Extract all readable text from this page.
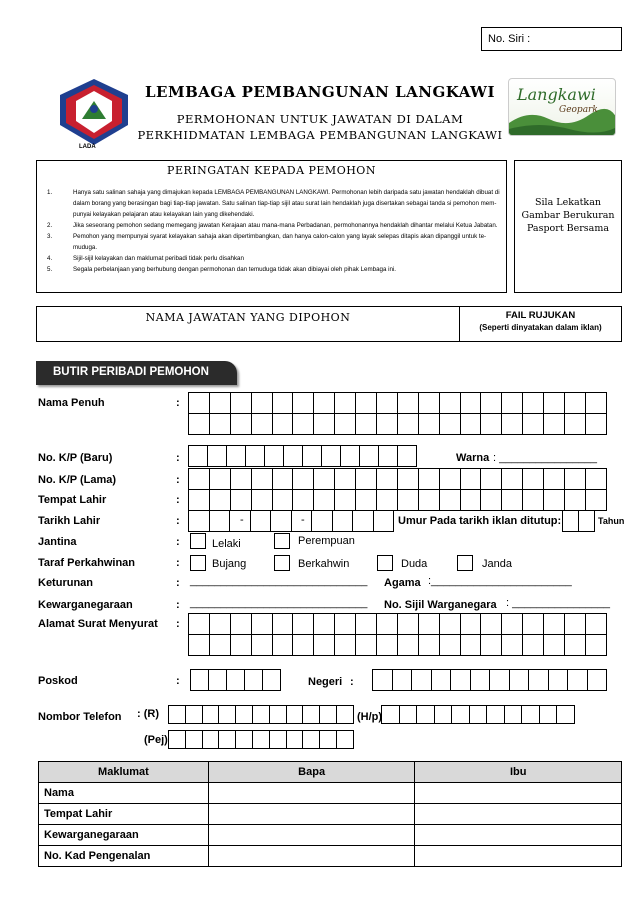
No. Siri :
LADA
LEMBAGA PEMBANGUNAN LANGKAWI
PERMOHONAN UNTUK JAWATAN DI DALAM
PERKHIDMATAN LEMBAGA PEMBANGUNAN LANGKAWI
Langkawi
Geopark
PERINGATAN KEPADA PEMOHON
1.	Hanya satu salinan sahaja yang dimajukan kepada LEMBAGA PEMBANGUNAN LANGKAWI. Permohonan lebih daripada satu jawatan hendaklah dibuat di
dalam borang yang berasingan bagi tiap-tiap jawatan. Satu salinan tiap-tiap sijil atau surat lain hendaklah juga disertakan sebagai tanda si pemohon mem-
punyai kelayakan pelajaran atau kelayakan lain yang dikehendaki.
2.	Jika seseorang pemohon sedang memegang jawatan Kerajaan atau mana-mana Perbadanan, permohonannya hendaklah dihantar melalui Ketua Jabatan.
3.	Pemohon yang mempunyai syarat kelayakan sahaja akan dipertimbangkan, dan hanya calon-calon yang layak selepas ditapis akan dipanggil untuk te-
muduga.
4.	Sijil-sijil kelayakan dan maklumat peribadi tidak perlu disahkan
5.	Segala perbelanjaan yang berhubung dengan permohonan dan temuduga tidak akan dibiayai oleh pihak Lembaga ini.
Sila Lekatkan Gambar Berukuran Pasport Bersama
NAMA JAWATAN YANG DIPOHON	FAIL RUJUKAN
(Seperti dinyatakan dalam iklan)
BUTIR PERIBADI PEMOHON
Nama Penuh	:
No. K/P (Baru)	:	Warna : ________________
No. K/P (Lama)	:
Tempat Lahir	:
Tarikh Lahir	:	-	-	Umur Pada tarikh iklan ditutup:	Tahun
Jantina	:	Lelaki	Perempuan
Taraf Perkahwinan	:	Bujang	Berkahwin	Duda	Janda
Keturunan	: _____________________________ Agama :_______________________
Kewarganegaraan	: _____________________________ No. Sijil Warganegara : ________________
Alamat Surat Menyurat :
Poskod	:	Negeri :
Nombor Telefon : (R)	(H/p)
(Pej)
Maklumat	Bapa	Ibu
Nama		
Tempat Lahir		
Kewarganegaraan		
No. Kad Pengenalan		
